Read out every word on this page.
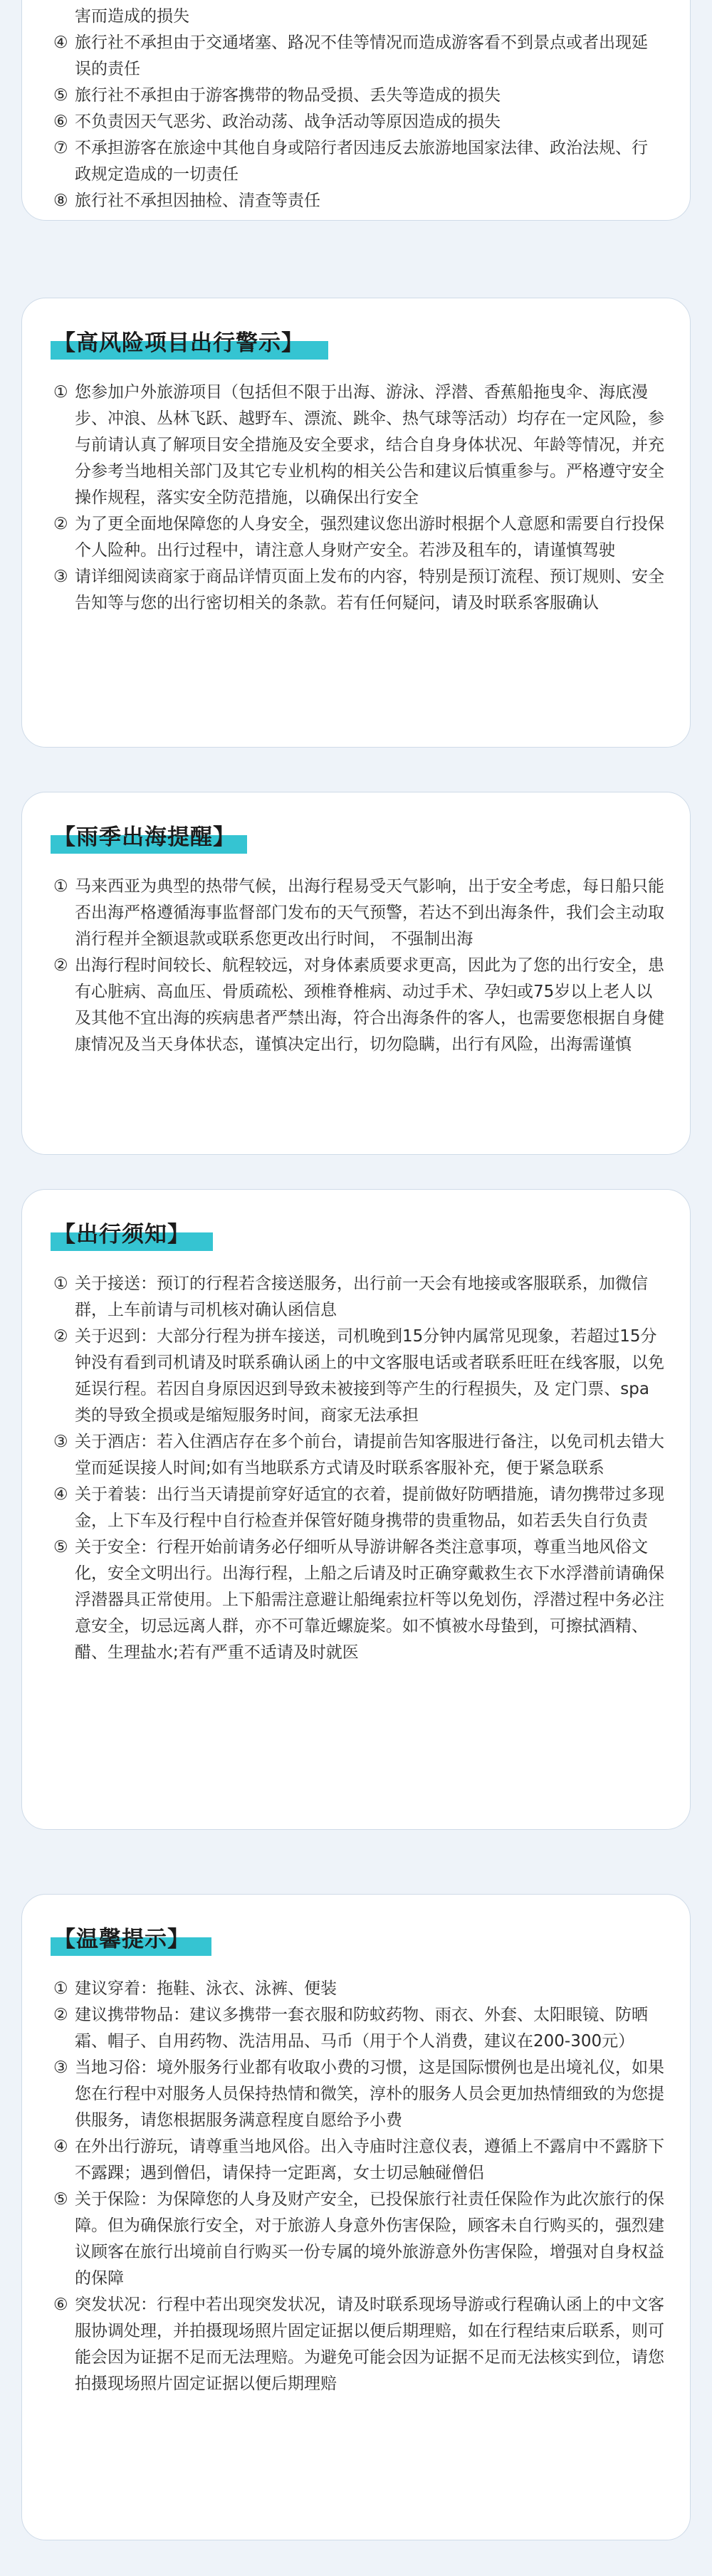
害而造成的损失
④ 旅行社不承担由于交通堵塞、路况不佳等情况而造成游客看不到景点或者出现延误的责任
⑤ 旅行社不承担由于游客携带的物品受损、丢失等造成的损失
⑥ 不负责因天气恶劣、政治动荡、战争活动等原因造成的损失
⑦ 不承担游客在旅途中其他自身或陪行者因违反去旅游地国家法律、政治法规、行政规定造成的一切责任
⑧ 旅行社不承担因抽检、清查等责任
【高风险项目出行警示】
① 您参加户外旅游项目（包括但不限于出海、游泳、浮潜、香蕉船拖曳伞、海底漫步、冲浪、丛林飞跃、越野车、漂流、跳伞、热气球等活动）均存在一定风险，参与前请认真了解项目安全措施及安全要求，结合自身身体状况、年龄等情况，并充分参考当地相关部门及其它专业机构的相关公告和建议后慎重参与。严格遵守安全操作规程，落实安全防范措施，以确保出行安全
② 为了更全面地保障您的人身安全，强烈建议您出游时根据个人意愿和需要自行投保个人险种。出行过程中，请注意人身财产安全。若涉及租车的，请谨慎驾驶
③ 请详细阅读商家于商品详情页面上发布的内容，特别是预订流程、预订规则、安全告知等与您的出行密切相关的条款。若有任何疑问，请及时联系客服确认
【雨季出海提醒】
① 马来西亚为典型的热带气候，出海行程易受天气影响，出于安全考虑，每日船只能否出海严格遵循海事监督部门发布的天气预警，若达不到出海条件，我们会主动取消行程并全额退款或联系您更改出行时间， 不强制出海
② 出海行程时间较长、航程较远，对身体素质要求更高，因此为了您的出行安全，患有心脏病、高血压、骨质疏松、颈椎脊椎病、动过手术、孕妇或75岁以上老人以及其他不宜出海的疾病患者严禁出海，符合出海条件的客人，也需要您根据自身健康情况及当天身体状态，谨慎决定出行，切勿隐瞒，出行有风险，出海需谨慎
【出行须知】
① 关于接送：预订的行程若含接送服务，出行前一天会有地接或客服联系，加微信群，上车前请与司机核对确认函信息
② 关于迟到：大部分行程为拼车接送，司机晚到15分钟内属常见现象，若超过15分钟没有看到司机请及时联系确认函上的中文客服电话或者联系旺旺在线客服，以免延误行程。若因自身原因迟到导致未被接到等产生的行程损失，及 定门票、spa类的导致全损或是缩短服务时间，商家无法承担
③ 关于酒店：若入住酒店存在多个前台，请提前告知客服进行备注，以免司机去错大堂而延误接人时间;如有当地联系方式请及时联系客服补充，便于紧急联系
④ 关于着装：出行当天请提前穿好适宜的衣着，提前做好防晒措施，请勿携带过多现金，上下车及行程中自行检查并保管好随身携带的贵重物品，如若丢失自行负责
⑤ 关于安全：行程开始前请务必仔细听从导游讲解各类注意事项，尊重当地风俗文化，安全文明出行。出海行程，上船之后请及时正确穿戴救生衣下水浮潜前请确保浮潜器具正常使用。上下船需注意避让船绳索拉杆等以免划伤，浮潜过程中务必注意安全，切忌远离人群，亦不可靠近螺旋桨。如不慎被水母蛰到，可擦拭酒精、醋、生理盐水;若有严重不适请及时就医
【温馨提示】
① 建议穿着：拖鞋、泳衣、泳裤、便装
② 建议携带物品：建议多携带一套衣服和防蚊药物、雨衣、外套、太阳眼镜、防晒霜、帽子、自用药物、洗洁用品、马币（用于个人消费，建议在200-300元）
③ 当地习俗：境外服务行业都有收取小费的习惯，这是国际惯例也是出境礼仪，如果您在行程中对服务人员保持热情和微笑，淳朴的服务人员会更加热情细致的为您提供服务，请您根据服务满意程度自愿给予小费
④ 在外出行游玩，请尊重当地风俗。出入寺庙时注意仪表，遵循上不露肩中不露脐下不露踝；遇到僧侣，请保持一定距离，女士切忌触碰僧侣
⑤ 关于保险：为保障您的人身及财产安全，已投保旅行社责任保险作为此次旅行的保障。但为确保旅行安全，对于旅游人身意外伤害保险，顾客未自行购买的，强烈建议顾客在旅行出境前自行购买一份专属的境外旅游意外伤害保险，增强对自身权益的保障
⑥ 突发状况：行程中若出现突发状况，请及时联系现场导游或行程确认函上的中文客服协调处理，并拍摄现场照片固定证据以便后期理赔，如在行程结束后联系，则可能会因为证据不足而无法理赔。为避免可能会因为证据不足而无法核实到位，请您拍摄现场照片固定证据以便后期理赔
